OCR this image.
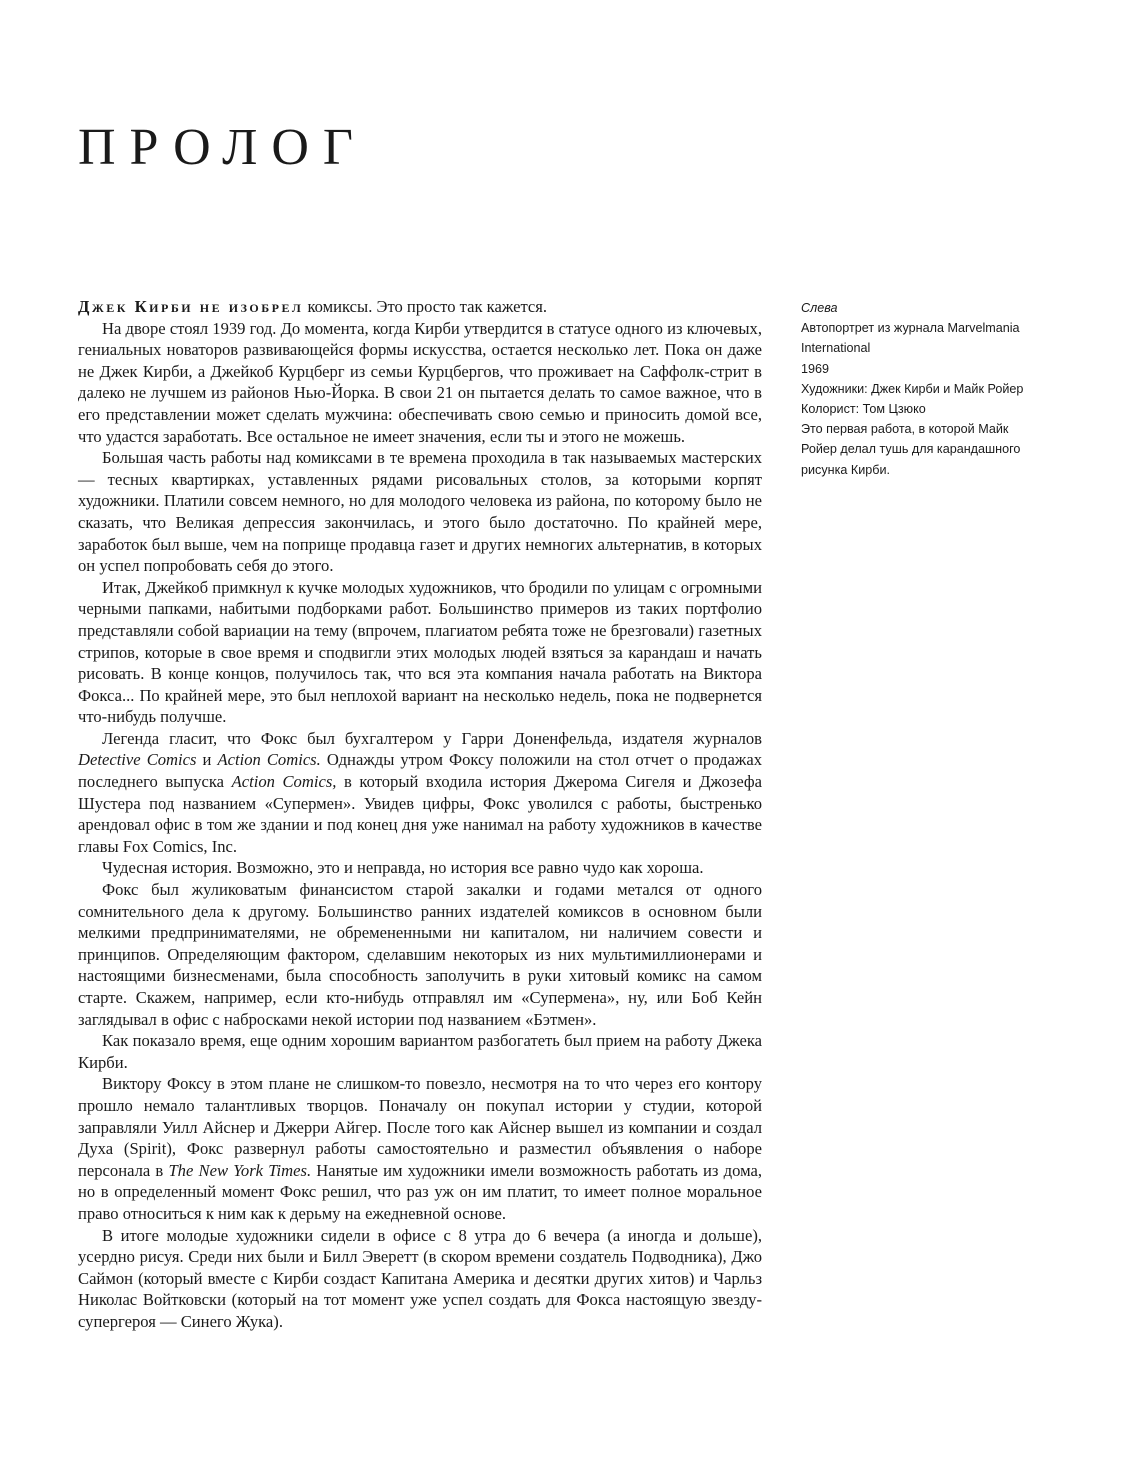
ПРОЛОГ

Джек Кирби не изобрел комиксы. Это просто так кажется.

На дворе стоял 1939 год. До момента, когда Кирби утвердится в статусе одного из ключевых, гениальных новаторов развивающейся формы искусства, остается несколько лет. Пока он даже не Джек Кирби, а Джейкоб Курцберг из семьи Курцбергов, что проживает на Саффолк-стрит в далеко не лучшем из районов Нью-Йорка. В свои 21 он пытается делать то самое важное, что в его представлении может сделать мужчина: обеспечивать свою семью и приносить домой все, что удастся заработать. Все остальное не имеет значения, если ты и этого не можешь.

Большая часть работы над комиксами в те времена проходила в так называемых мастерских — тесных квартирках, уставленных рядами рисовальных столов, за которыми корпят художники. Платили совсем немного, но для молодого человека из района, по которому было не сказать, что Великая депрессия закончилась, и этого было достаточно. По крайней мере, заработок был выше, чем на поприще продавца газет и других немногих альтернатив, в которых он успел попробовать себя до этого.

Итак, Джейкоб примкнул к кучке молодых художников, что бродили по улицам с огромными черными папками, набитыми подборками работ. Большинство примеров из таких портфолио представляли собой вариации на тему (впрочем, плагиатом ребята тоже не брезговали) газетных стрипов, которые в свое время и сподвигли этих молодых людей взяться за карандаш и начать рисовать. В конце концов, получилось так, что вся эта компания начала работать на Виктора Фокса... По крайней мере, это был неплохой вариант на несколько недель, пока не подвернется что-нибудь получше.

Легенда гласит, что Фокс был бухгалтером у Гарри Доненфельда, издателя журналов Detective Comics и Action Comics. Однажды утром Фоксу положили на стол отчет о продажах последнего выпуска Action Comics, в который входила история Джерома Сигеля и Джозефа Шустера под названием «Супермен». Увидев цифры, Фокс уволился с работы, быстренько арендовал офис в том же здании и под конец дня уже нанимал на работу художников в качестве главы Fox Comics, Inc.

Чудесная история. Возможно, это и неправда, но история все равно чудо как хороша.

Фокс был жуликоватым финансистом старой закалки и годами метался от одного сомнительного дела к другому. Большинство ранних издателей комиксов в основном были мелкими предпринимателями, не обремененными ни капиталом, ни наличием совести и принципов. Определяющим фактором, сделавшим некоторых из них мультимиллионерами и настоящими бизнесменами, была способность заполучить в руки хитовый комикс на самом старте. Скажем, например, если кто-нибудь отправлял им «Супермена», ну, или Боб Кейн заглядывал в офис с набросками некой истории под названием «Бэтмен».

Как показало время, еще одним хорошим вариантом разбогатеть был прием на работу Джека Кирби.

Виктору Фоксу в этом плане не слишком-то повезло, несмотря на то что через его контору прошло немало талантливых творцов. Поначалу он покупал истории у студии, которой заправляли Уилл Айснер и Джерри Айгер. После того как Айснер вышел из компании и создал Духа (Spirit), Фокс развернул работы самостоятельно и разместил объявления о наборе персонала в The New York Times. Нанятые им художники имели возможность работать из дома, но в определенный момент Фокс решил, что раз уж он им платит, то имеет полное моральное право относиться к ним как к дерьму на ежедневной основе.

В итоге молодые художники сидели в офисе с 8 утра до 6 вечера (а иногда и дольше), усердно рисуя. Среди них были и Билл Эверетт (в скором времени создатель Подводника), Джо Саймон (который вместе с Кирби создаст Капитана Америка и десятки других хитов) и Чарльз Николас Войтковски (который на тот момент уже успел создать для Фокса настоящую звезду-супергероя — Синего Жука).

Слева
Автопортрет из журнала Marvelmania International
1969
Художники: Джек Кирби и Майк Ройер
Колорист: Том Цзюко
Это первая работа, в которой Майк Ройер делал тушь для карандашного рисунка Кирби.
